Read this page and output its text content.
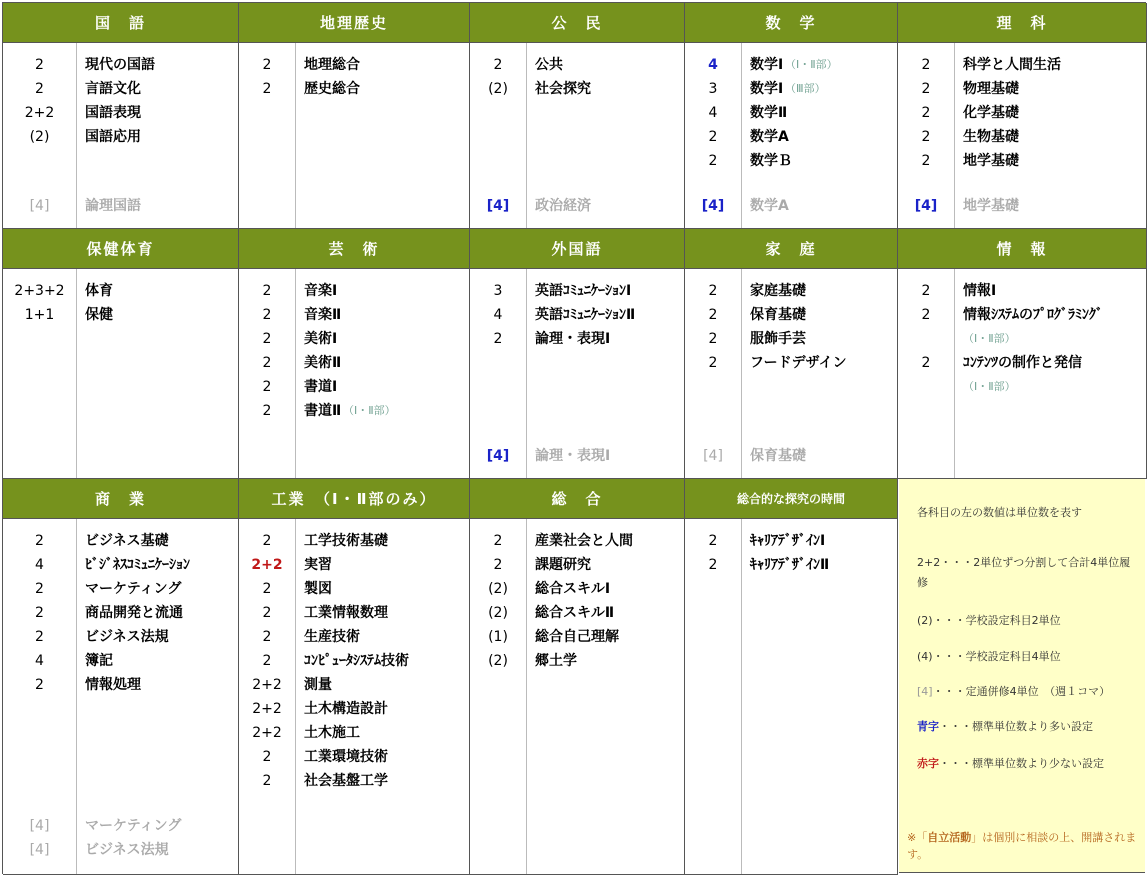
国　語
2	現代の国語
2	言語文化
2+2	国語表現
(2)	国語応用
[4]	論理国語
地理歴史
2	地理総合
2	歴史総合
公　民
2	公共
(2)	社会探究
[4]	政治経済
数　学
4	数学Ⅰ （Ⅰ・Ⅱ部）
3	数学Ⅰ （Ⅲ部）
4	数学Ⅱ
2	数学A
2	数学Ｂ
[4]	数学A
理　科
2	科学と人間生活
2	物理基礎
2	化学基礎
2	生物基礎
2	地学基礎
[4]	地学基礎
保健体育
2+3+2	体育
1+1	保健
芸　術
2	音楽Ⅰ
2	音楽Ⅱ
2	美術Ⅰ
2	美術Ⅱ
2	書道Ⅰ
2	書道Ⅱ （Ⅰ・Ⅱ部）
外国語
3	英語ｺﾐｭﾆｹｰｼｮﾝⅠ
4	英語ｺﾐｭﾆｹｰｼｮﾝⅡ
2	論理・表現Ⅰ
[4]	論理・表現Ⅰ
家　庭
2	家庭基礎
2	保育基礎
2	服飾手芸
2	フードデザイン
[4]	保育基礎
情　報
2	情報Ⅰ
2	情報ｼｽﾃﾑのﾌﾟﾛｸﾞﾗﾐﾝｸﾞ
（Ⅰ・Ⅱ部）
2	ｺﾝﾃﾝﾂの制作と発信
（Ⅰ・Ⅱ部）
商　業
2	ビジネス基礎
4	ﾋﾞｼﾞﾈｽｺﾐｭﾆｹｰｼｮﾝ
2	マーケティング
2	商品開発と流通
2	ビジネス法規
4	簿記
2	情報処理
[4]	マーケティング
[4]	ビジネス法規
工業　（Ⅰ・Ⅱ部のみ）
2	工学技術基礎
2+2	実習
2	製図
2	工業情報数理
2	生産技術
2	ｺﾝﾋﾟｭｰﾀｼｽﾃﾑ技術
2+2	測量
2+2	土木構造設計
2+2	土木施工
2	工業環境技術
2	社会基盤工学
総　合
2	産業社会と人間
2	課題研究
(2)	総合スキルⅠ
(2)	総合スキルⅡ
(1)	総合自己理解
(2)	郷土学
総合的な探究の時間
2	ｷｬﾘｱﾃﾞｻﾞｲﾝⅠ
2	ｷｬﾘｱﾃﾞｻﾞｲﾝⅡ
各科目の左の数値は単位数を表す
2+2・・・2単位ずつ分割して合計4単位履修
(2)・・・学校設定科目2単位
(4)・・・学校設定科目4単位
[4]・・・定通併修4単位　（週１コマ）
青字・・・標準単位数より多い設定
赤字・・・標準単位数より少ない設定
※「自立活動」は個別に相談の上、開講されます。
